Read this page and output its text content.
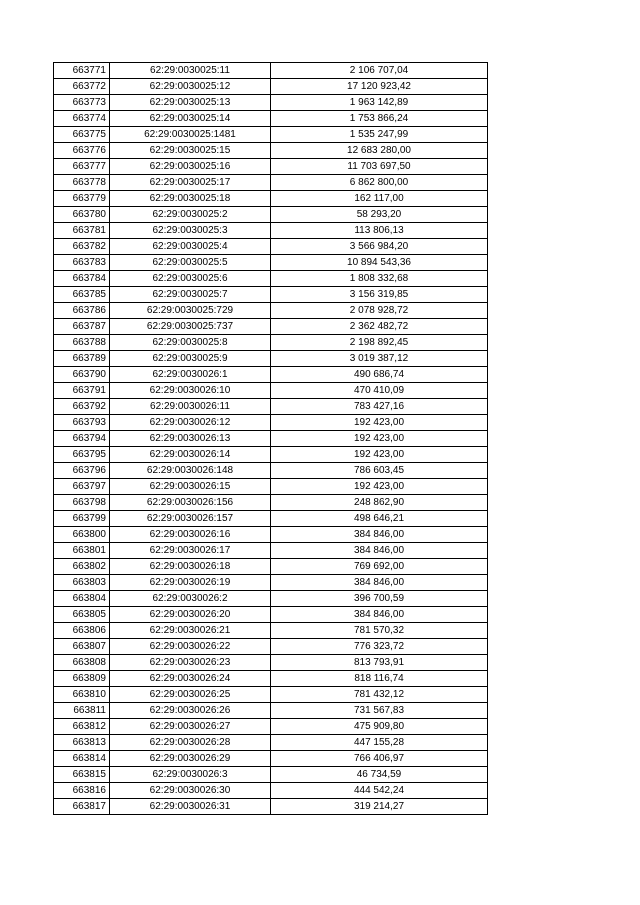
663771	62:29:0030025:11	2 106 707,04
663772	62:29:0030025:12	17 120 923,42
663773	62:29:0030025:13	1 963 142,89
663774	62:29:0030025:14	1 753 866,24
663775	62:29:0030025:1481	1 535 247,99
663776	62:29:0030025:15	12 683 280,00
663777	62:29:0030025:16	11 703 697,50
663778	62:29:0030025:17	6 862 800,00
663779	62:29:0030025:18	162 117,00
663780	62:29:0030025:2	58 293,20
663781	62:29:0030025:3	113 806,13
663782	62:29:0030025:4	3 566 984,20
663783	62:29:0030025:5	10 894 543,36
663784	62:29:0030025:6	1 808 332,68
663785	62:29:0030025:7	3 156 319,85
663786	62:29:0030025:729	2 078 928,72
663787	62:29:0030025:737	2 362 482,72
663788	62:29:0030025:8	2 198 892,45
663789	62:29:0030025:9	3 019 387,12
663790	62:29:0030026:1	490 686,74
663791	62:29:0030026:10	470 410,09
663792	62:29:0030026:11	783 427,16
663793	62:29:0030026:12	192 423,00
663794	62:29:0030026:13	192 423,00
663795	62:29:0030026:14	192 423,00
663796	62:29:0030026:148	786 603,45
663797	62:29:0030026:15	192 423,00
663798	62:29:0030026:156	248 862,90
663799	62:29:0030026:157	498 646,21
663800	62:29:0030026:16	384 846,00
663801	62:29:0030026:17	384 846,00
663802	62:29:0030026:18	769 692,00
663803	62:29:0030026:19	384 846,00
663804	62:29:0030026:2	396 700,59
663805	62:29:0030026:20	384 846,00
663806	62:29:0030026:21	781 570,32
663807	62:29:0030026:22	776 323,72
663808	62:29:0030026:23	813 793,91
663809	62:29:0030026:24	818 116,74
663810	62:29:0030026:25	781 432,12
663811	62:29:0030026:26	731 567,83
663812	62:29:0030026:27	475 909,80
663813	62:29:0030026:28	447 155,28
663814	62:29:0030026:29	766 406,97
663815	62:29:0030026:3	46 734,59
663816	62:29:0030026:30	444 542,24
663817	62:29:0030026:31	319 214,27
